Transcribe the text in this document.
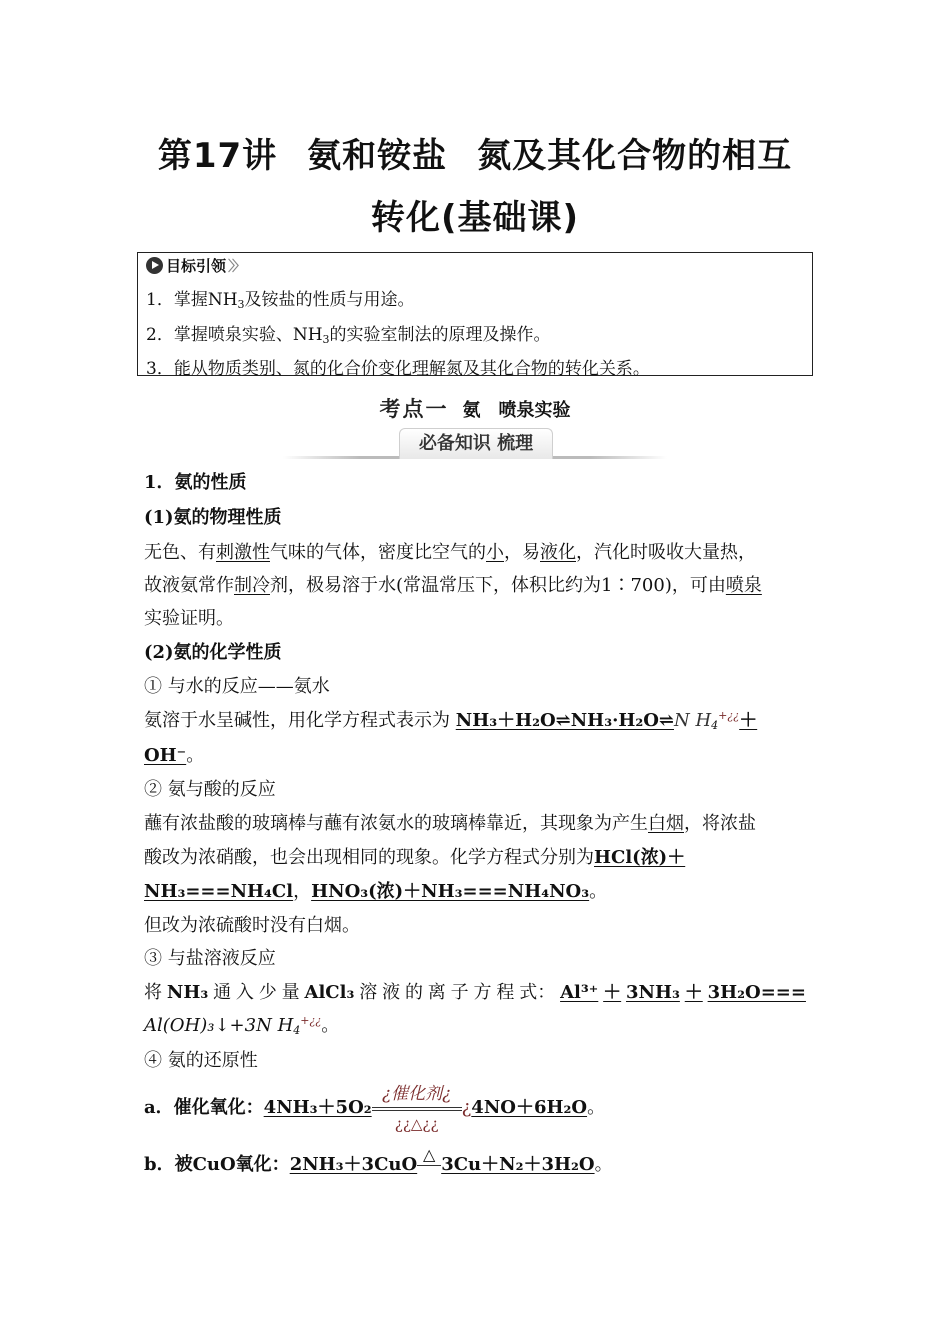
第17讲 氨和铵盐 氮及其化合物的相互
转化(基础课)
目标引领 〉〉
1．掌握$NH_3$及铵盐的性质与用途。
2．掌握喷泉实验、$NH_3$的实验室制法的原理及操作。
3．能从物质类别、氮的化合价变化理解氮及其化合物的转化关系。
考点一 氨 喷泉实验
必备知识 梳理
1．氨的性质
(1)氨的物理性质
无色、有刺激性气味的气体，密度比空气的小，易液化，汽化时吸收大量热，
故液氨常作制冷剂，极易溶于水(常温常压下，体积比约为1∶700)，可由喷泉
实验证明。
(2)氨的化学性质
① 与水的反应——氨水
氨溶于水呈碱性，用化学方程式表示为 NH₃＋H₂O⇌NH₃·H₂O⇌N $H_4^{+¿¿}+$
OH⁻。
② 氨与酸的反应
蘸有浓盐酸的玻璃棒与蘸有浓氨水的玻璃棒靠近，其现象为产生白烟，将浓盐
酸改为浓硝酸，也会出现相同的现象。化学方程式分别为HCl(浓)＋
NH₃===NH₄Cl，HNO₃(浓)＋NH₃===NH₄NO₃。
但改为浓硫酸时没有白烟。
③ 与盐溶液反应
将 NH₃ 通 入 少 量 AlCl₃ 溶 液 的 离 子 方 程 式： Al³⁺ ＋ 3NH₃ ＋ 3H₂O===
Al(OH)₃↓+3N $H_4^{+¿¿}$。
④ 氨的还原性
a．催化氧化：4NH₃＋5O₂
¿催化剂¿
¿¿△¿¿
¿4NO＋6H₂O。
b．被CuO氧化：2NH₃＋3CuO △ 3Cu＋N₂＋3H₂O。
